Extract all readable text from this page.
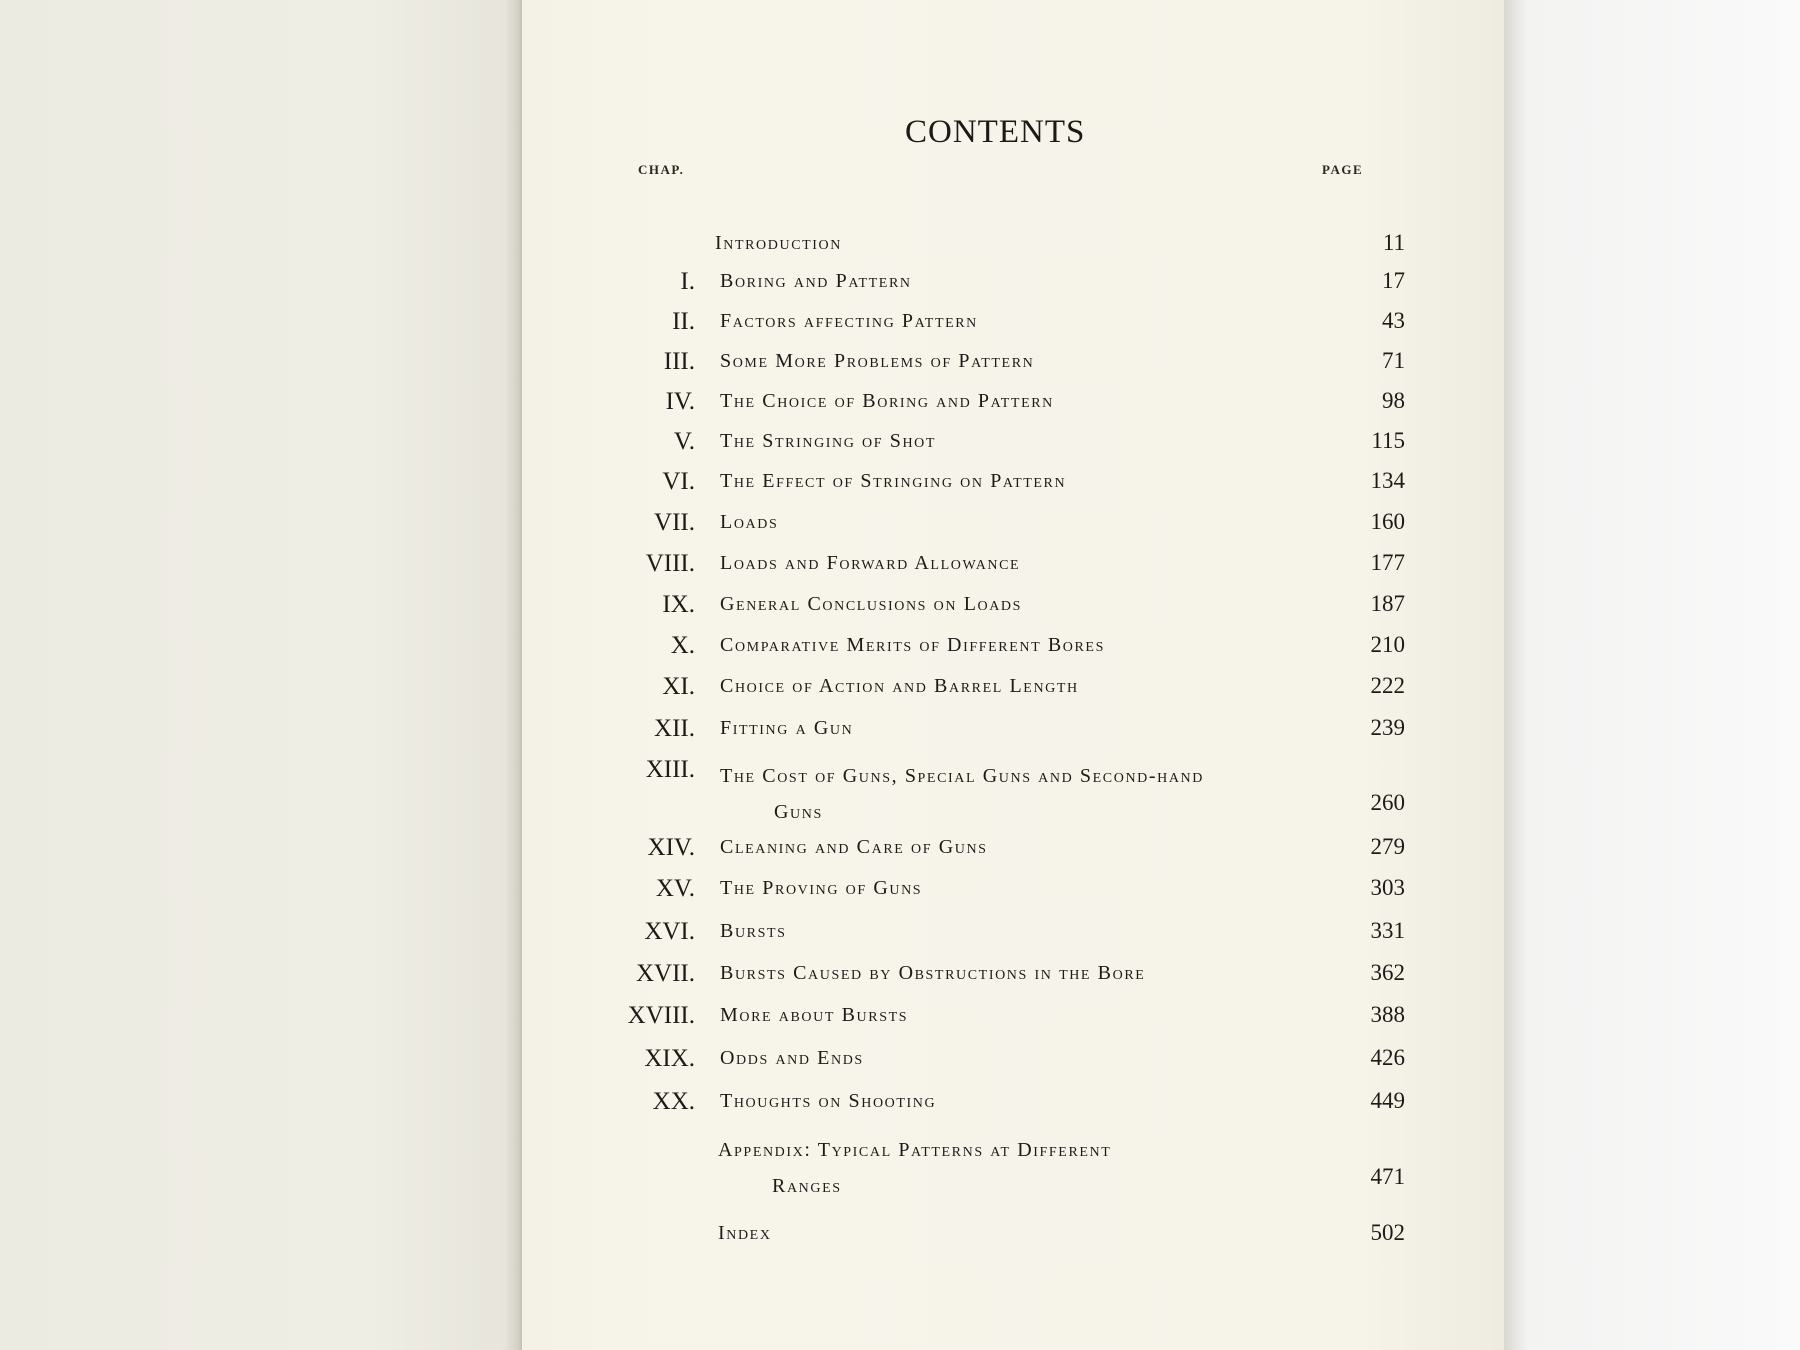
​
CONTENTS
CHAP.	PAGE
Introduction	11
I. Boring and Pattern	17
II. Factors affecting Pattern	43
III. Some More Problems of Pattern	71
IV. The Choice of Boring and Pattern	98
V. The Stringing of Shot	115
VI. The Effect of Stringing on Pattern	134
VII. Loads	160
VIII. Loads and Forward Allowance	177
IX. General Conclusions on Loads	187
X. Comparative Merits of Different Bores	210
XI. Choice of Action and Barrel Length	222
XII. Fitting a Gun	239
XIII. The Cost of Guns, Special Guns and Second-hand
Guns	260
XIV. Cleaning and Care of Guns	279
XV. The Proving of Guns	303
XVI. Bursts	331
XVII. Bursts Caused by Obstructions in the Bore	362
XVIII. More about Bursts	388
XIX. Odds and Ends	426
XX. Thoughts on Shooting	449
Appendix: Typical Patterns at Different
Ranges	471
Index	502
